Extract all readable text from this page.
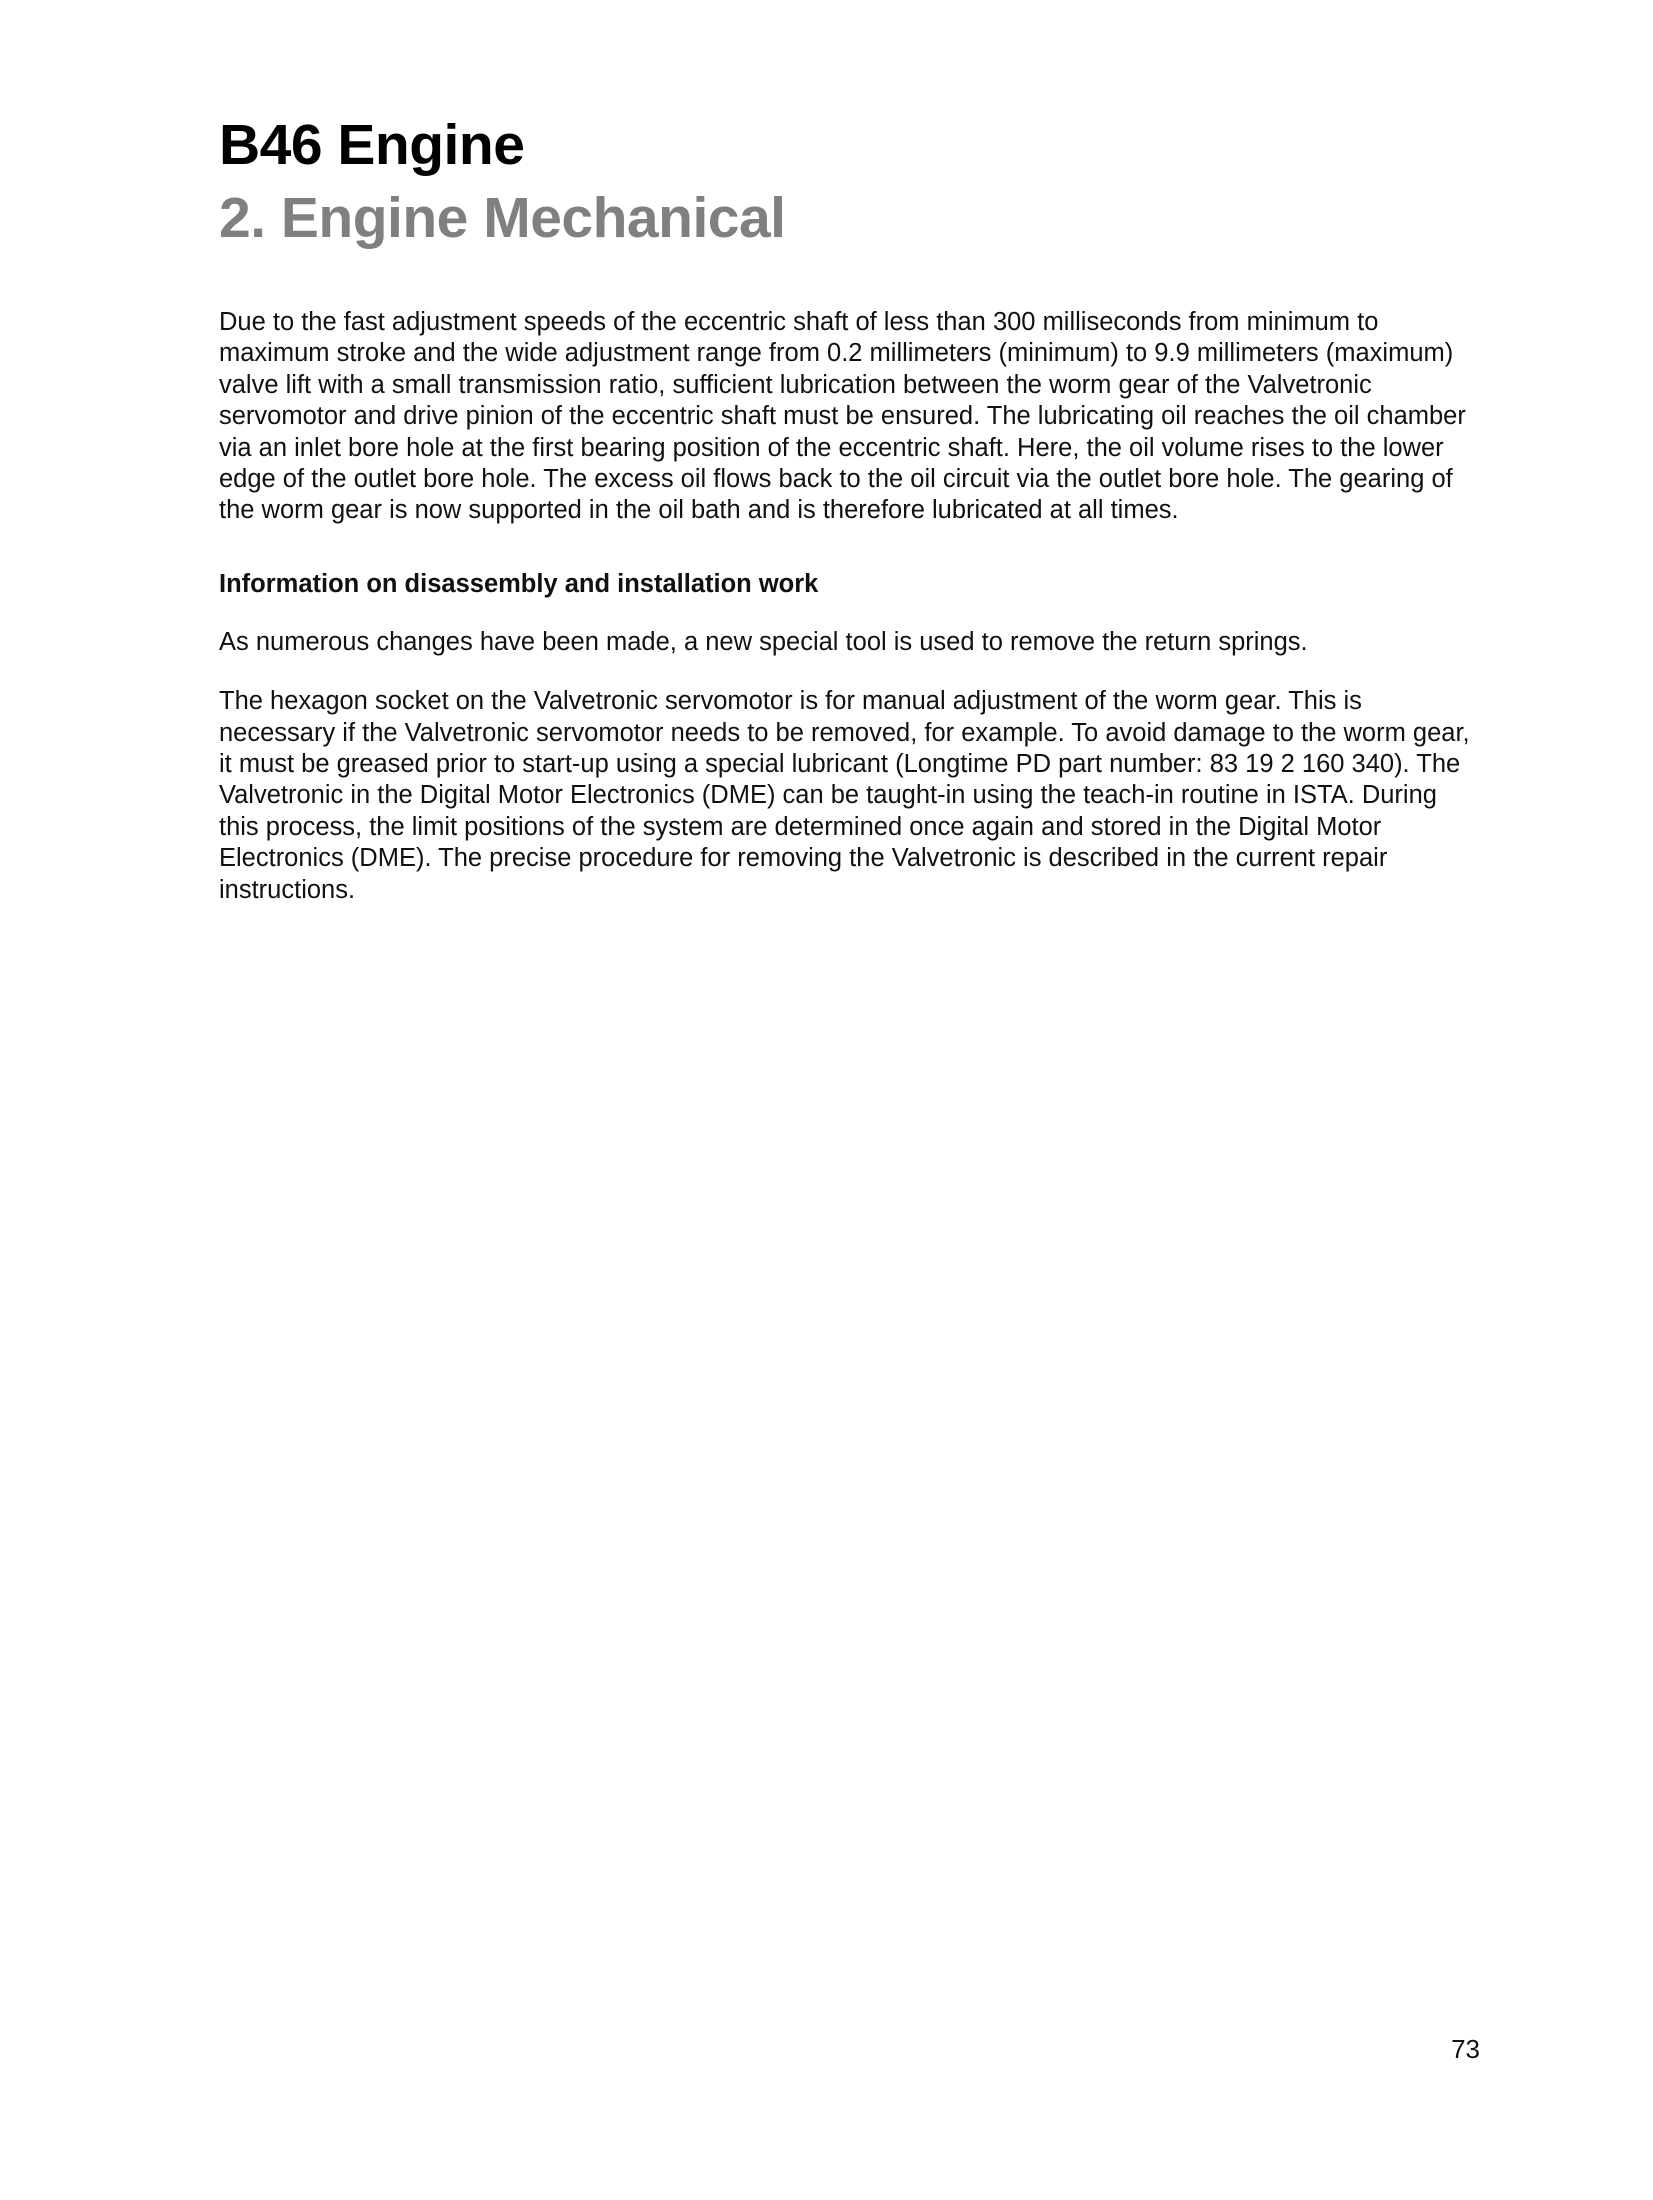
B46 Engine
2. Engine Mechanical

Due to the fast adjustment speeds of the eccentric shaft of less than 300 milliseconds from minimum to maximum stroke and the wide adjustment range from 0.2 millimeters (minimum) to 9.9 millimeters (maximum) valve lift with a small transmission ratio, sufficient lubrication between the worm gear of the Valvetronic servomotor and drive pinion of the eccentric shaft must be ensured. The lubricating oil reaches the oil chamber via an inlet bore hole at the first bearing position of the eccentric shaft. Here, the oil volume rises to the lower edge of the outlet bore hole. The excess oil flows back to the oil circuit via the outlet bore hole. The gearing of the worm gear is now supported in the oil bath and is therefore lubricated at all times.

Information on disassembly and installation work

As numerous changes have been made, a new special tool is used to remove the return springs.

The hexagon socket on the Valvetronic servomotor is for manual adjustment of the worm gear. This is necessary if the Valvetronic servomotor needs to be removed, for example. To avoid damage to the worm gear, it must be greased prior to start-up using a special lubricant (Longtime PD part number: 83 19 2 160 340). The Valvetronic in the Digital Motor Electronics (DME) can be taught-in using the teach-in routine in ISTA. During this process, the limit positions of the system are determined once again and stored in the Digital Motor Electronics (DME). The precise procedure for removing the Valvetronic is described in the current repair instructions.

73
